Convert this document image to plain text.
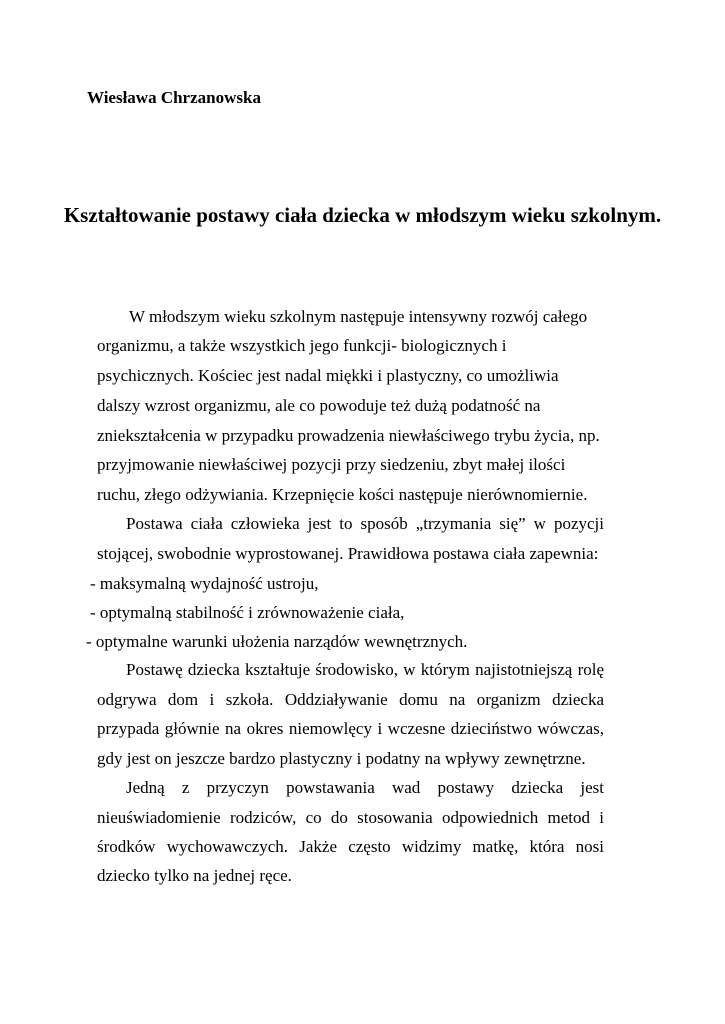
Wiesława Chrzanowska
Kształtowanie postawy ciała dziecka w młodszym wieku szkolnym.
W młodszym wieku szkolnym następuje intensywny rozwój całego
organizmu, a także wszystkich jego funkcji- biologicznych i
psychicznych. Kościec jest nadal miękki i plastyczny, co umożliwia
dalszy wzrost organizmu, ale co powoduje też dużą podatność na
zniekształcenia w przypadku prowadzenia niewłaściwego trybu życia, np.
przyjmowanie niewłaściwej pozycji przy siedzeniu, zbyt małej ilości
ruchu, złego odżywiania. Krzepnięcie kości następuje nierównomiernie.
Postawa ciała człowieka jest to sposób „trzymania się” w pozycji
stojącej, swobodnie wyprostowanej. Prawidłowa postawa ciała zapewnia:
- maksymalną wydajność ustroju,
- optymalną stabilność i zrównoważenie ciała,
- optymalne warunki ułożenia narządów wewnętrznych.
Postawę dziecka kształtuje środowisko, w którym najistotniejszą rolę
odgrywa dom i szkoła. Oddziaływanie domu na organizm dziecka
przypada głównie na okres niemowlęcy i wczesne dzieciństwo wówczas,
gdy jest on jeszcze bardzo plastyczny i podatny na wpływy zewnętrzne.
Jedną z przyczyn powstawania wad postawy dziecka jest
nieuświadomienie rodziców, co do stosowania odpowiednich metod i
środków wychowawczych. Jakże często widzimy matkę, która nosi
dziecko tylko na jednej ręce.
